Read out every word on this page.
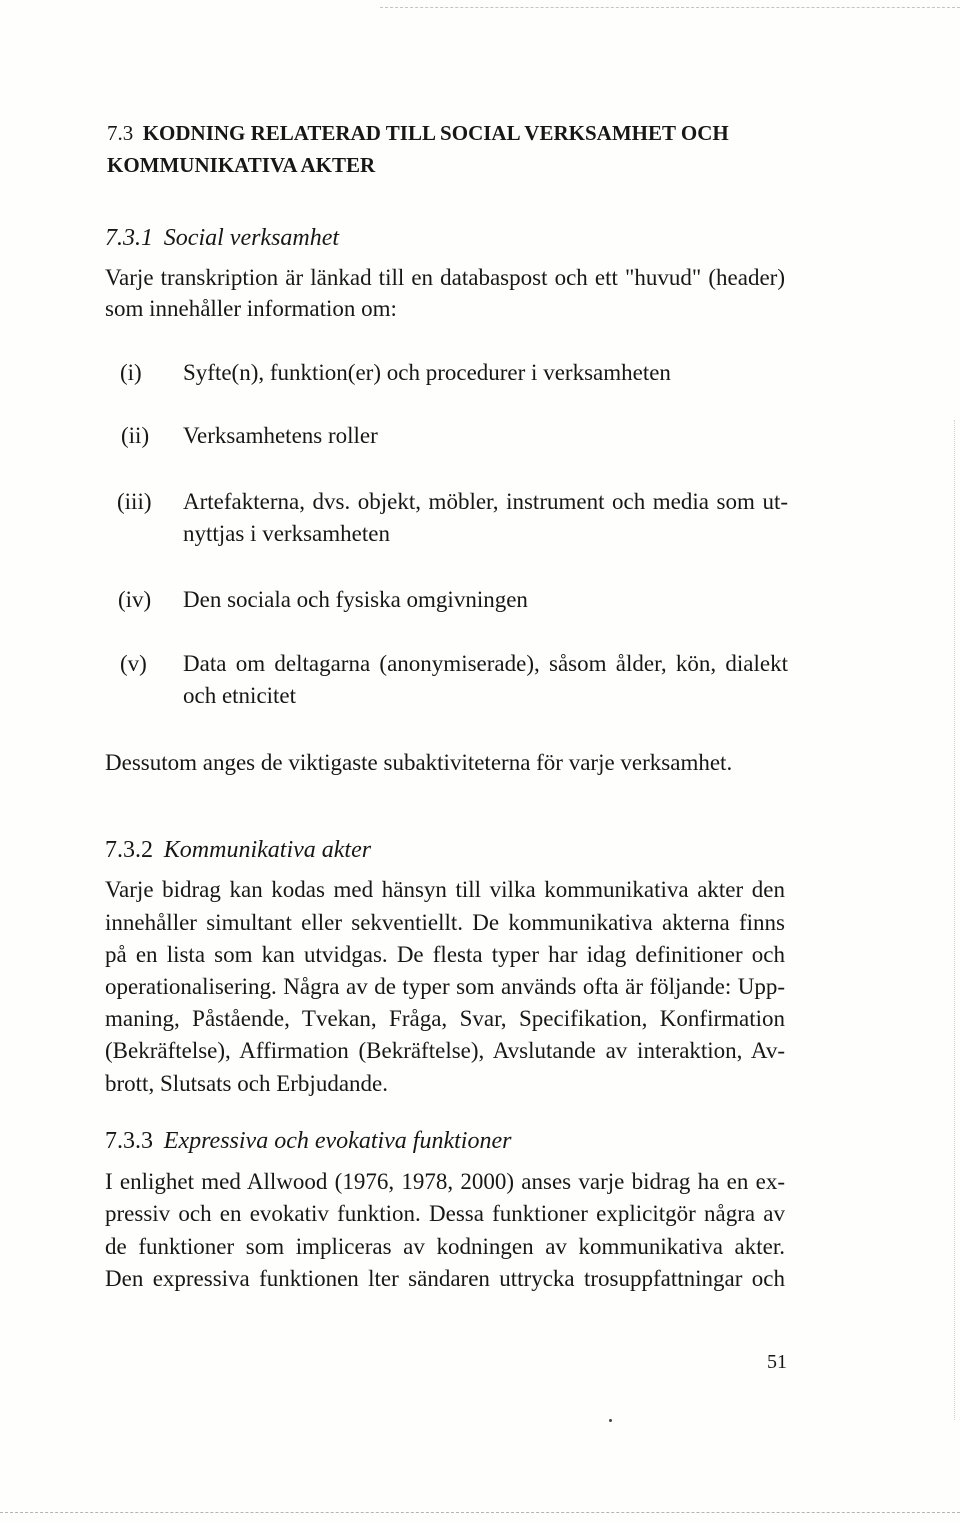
7.3 KODNING RELATERAD TILL SOCIAL VERKSAMHET OCH
KOMMUNIKATIVA AKTER
7.3.1 Social verksamhet
Varje transkription är länkad till en databaspost och ett "huvud" (header)
som innehåller information om:
(i) Syfte(n), funktion(er) och procedurer i verksamheten
(ii) Verksamhetens roller
(iii) Artefakterna, dvs. objekt, möbler, instrument och media som ut-
nyttjas i verksamheten
(iv) Den sociala och fysiska omgivningen
(v) Data om deltagarna (anonymiserade), såsom ålder, kön, dialekt
och etnicitet
Dessutom anges de viktigaste subaktiviteterna för varje verksamhet.
7.3.2 Kommunikativa akter
Varje bidrag kan kodas med hänsyn till vilka kommunikativa akter den
innehåller simultant eller sekventiellt. De kommunikativa akterna finns
på en lista som kan utvidgas. De flesta typer har idag definitioner och
operationalisering. Några av de typer som används ofta är följande: Upp-
maning, Påstående, Tvekan, Fråga, Svar, Specifikation, Konfirmation
(Bekräftelse), Affirmation (Bekräftelse), Avslutande av interaktion, Av-
brott, Slutsats och Erbjudande.
7.3.3 Expressiva och evokativa funktioner
I enlighet med Allwood (1976, 1978, 2000) anses varje bidrag ha en ex-
pressiv och en evokativ funktion. Dessa funktioner explicitgör några av
de funktioner som impliceras av kodningen av kommunikativa akter.
Den expressiva funktionen lter sändaren uttrycka trosuppfattningar och
51
